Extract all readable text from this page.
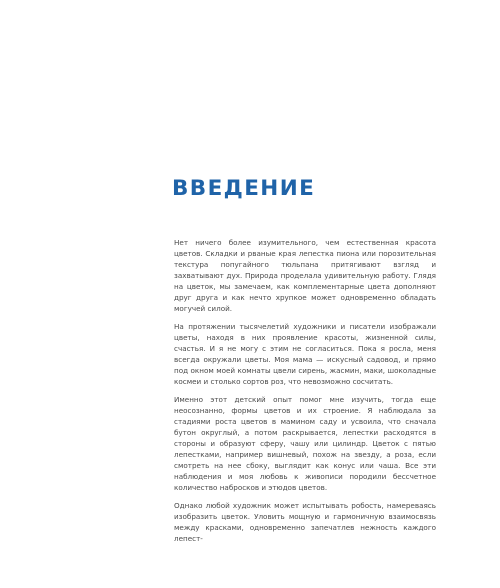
ВВЕДЕНИЕ

Нет ничего более изумительного, чем естественная красота цветов. Складки и рваные края лепестка пиона или порозительная текстура попугайного тюльпана притягивают взгляд и захватывают дух. Природа проделала удивительную работу. Глядя на цветок, мы замечаем, как комплементарные цвета дополняют друг друга и как нечто хрупкое может одновременно обладать могучей силой.

На протяжении тысячелетий художники и писатели изображали цветы, находя в них проявление красоты, жизненной силы, счастья. И я не могу с этим не согласиться. Пока я росла, меня всегда окружали цветы. Моя мама — искусный садовод, и прямо под окном моей комнаты цвели сирень, жасмин, маки, шоколадные космеи и столько сортов роз, что невозможно сосчитать.

Именно этот детский опыт помог мне изучить, тогда еще неосознанно, формы цветов и их строение. Я наблюдала за стадиями роста цветов в маминoм саду и усвоила, что сначала бутон округлый, а потом раскрывается, лепестки расходятся в стороны и образуют сферу, чашу или цилиндр. Цветок с пятью лепестками, например вишневый, похож на звезду, а роза, если смотреть на нее сбоку, выглядит как конус или чаша. Все эти наблюдения и моя любовь к живописи породили бессчетное количество набросков и этюдов цветов.

Однако любой художник может испытывать робость, намереваясь изобразить цветок. Уловить мощную и гармоничную взаимосвязь между красками, одновременно запечатлев нежность каждого лепест-
